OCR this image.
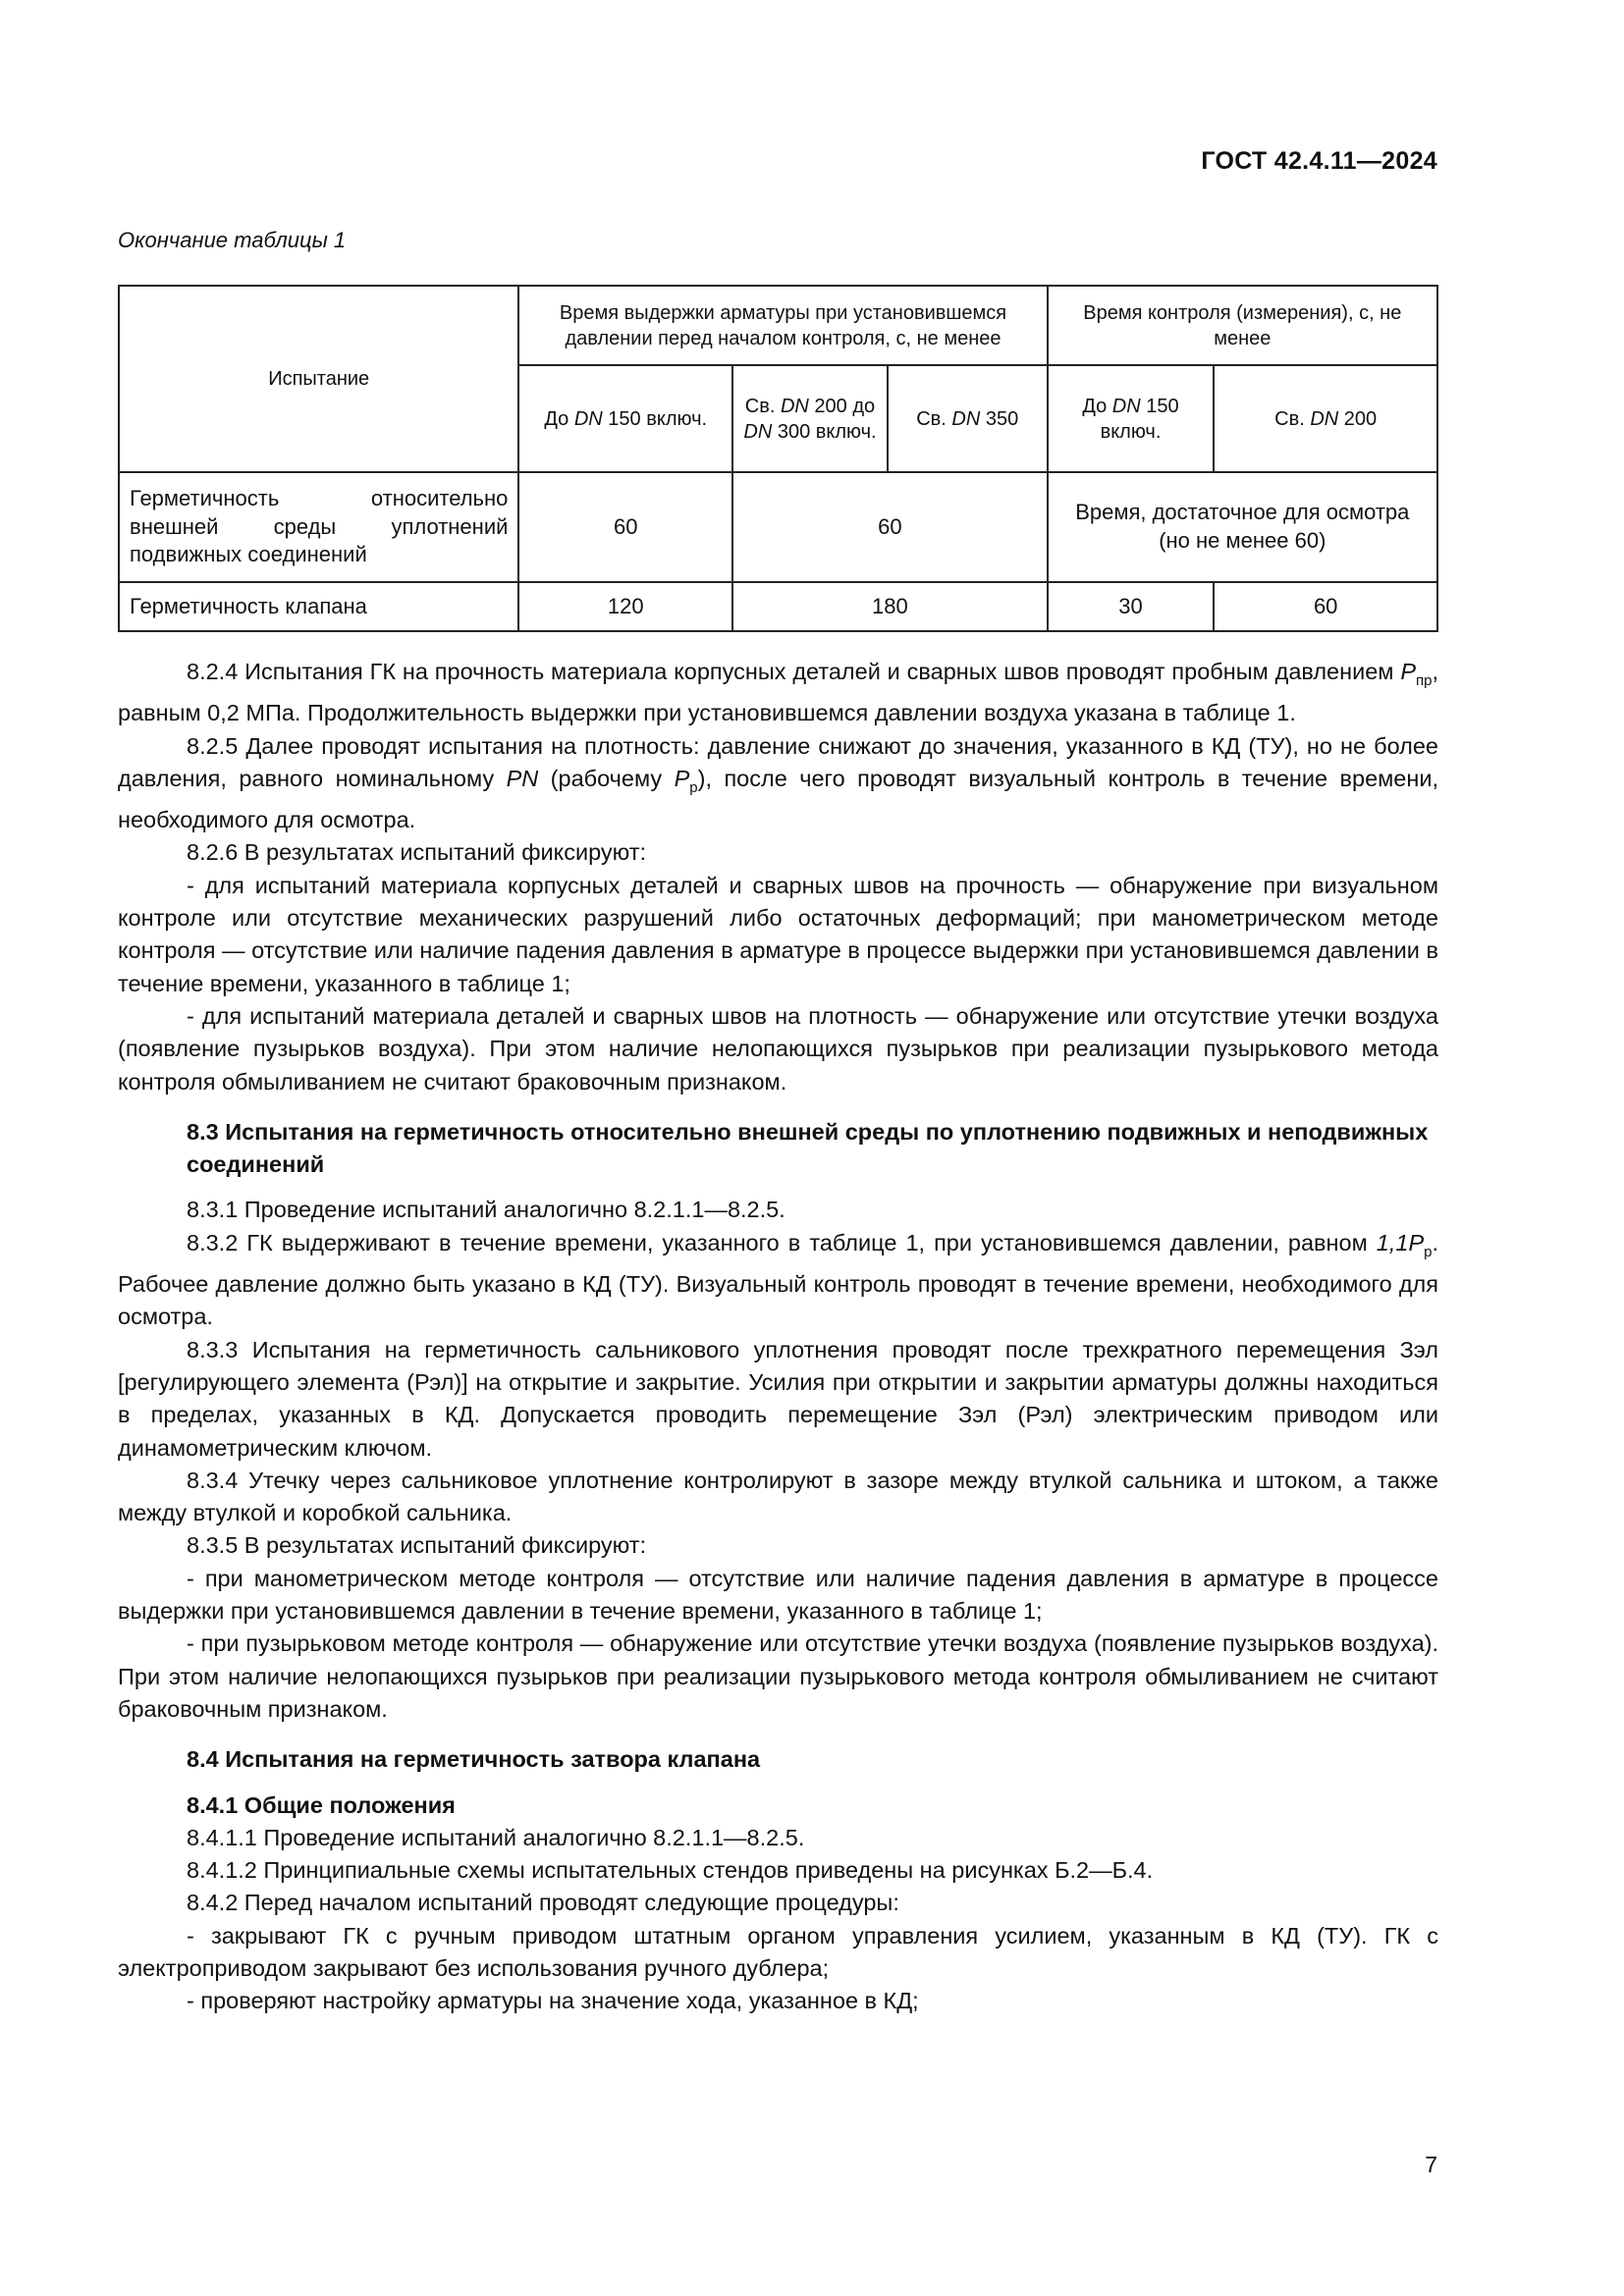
ГОСТ 42.4.11—2024
Окончание таблицы 1
Испытание	Время выдержки арматуры при установившемся давлении перед началом контроля, с, не менее			Время контроля (измерения), с, не менее	
	До DN 150 включ.	Св. DN 200 до DN 300 включ.	Св. DN 350	До DN 150 включ.	Св. DN 200
Герметичность относительно внешней среды уплотнений подвижных соединений	60	60		Время, достаточное для осмотра (но не менее 60)	
Герметичность клапана	120	180		30	60

8.2.4 Испытания ГК на прочность материала корпусных деталей и сварных швов проводят пробным давлением $P_{пр}$, равным 0,2 МПа. Продолжительность выдержки при установившемся давлении воздуха указана в таблице 1.

8.2.5 Далее проводят испытания на плотность: давление снижают до значения, указанного в КД (ТУ), но не более давления, равного номинальному PN (рабочему $P_р$), после чего проводят визуальный контроль в течение времени, необходимого для осмотра.

8.2.6 В результатах испытаний фиксируют:

- для испытаний материала корпусных деталей и сварных швов на прочность — обнаружение при визуальном контроле или отсутствие механических разрушений либо остаточных деформаций; при манометрическом методе контроля — отсутствие или наличие падения давления в арматуре в процессе выдержки при установившемся давлении в течение времени, указанного в таблице 1;

- для испытаний материала деталей и сварных швов на плотность — обнаружение или отсутствие утечки воздуха (появление пузырьков воздуха). При этом наличие нелопающихся пузырьков при реализации пузырькового метода контроля обмыливанием не считают браковочным признаком.

8.3 Испытания на герметичность относительно внешней среды по уплотнению подвижных и неподвижных соединений

8.3.1 Проведение испытаний аналогично 8.2.1.1—8.2.5.

8.3.2 ГК выдерживают в течение времени, указанного в таблице 1, при установившемся давлении, равном $1,1P_р$. Рабочее давление должно быть указано в КД (ТУ). Визуальный контроль проводят в течение времени, необходимого для осмотра.

8.3.3 Испытания на герметичность сальникового уплотнения проводят после трехкратного перемещения Зэл [регулирующего элемента (Рэл)] на открытие и закрытие. Усилия при открытии и закрытии арматуры должны находиться в пределах, указанных в КД. Допускается проводить перемещение Зэл (Рэл) электрическим приводом или динамометрическим ключом.

8.3.4 Утечку через сальниковое уплотнение контролируют в зазоре между втулкой сальника и штоком, а также между втулкой и коробкой сальника.

8.3.5 В результатах испытаний фиксируют:

- при манометрическом методе контроля — отсутствие или наличие падения давления в арматуре в процессе выдержки при установившемся давлении в течение времени, указанного в таблице 1;

- при пузырьковом методе контроля — обнаружение или отсутствие утечки воздуха (появление пузырьков воздуха). При этом наличие нелопающихся пузырьков при реализации пузырькового метода контроля обмыливанием не считают браковочным признаком.

8.4 Испытания на герметичность затвора клапана

8.4.1 Общие положения

8.4.1.1 Проведение испытаний аналогично 8.2.1.1—8.2.5.

8.4.1.2 Принципиальные схемы испытательных стендов приведены на рисунках Б.2—Б.4.

8.4.2 Перед началом испытаний проводят следующие процедуры:

- закрывают ГК с ручным приводом штатным органом управления усилием, указанным в КД (ТУ). ГК с электроприводом закрывают без использования ручного дублера;

- проверяют настройку арматуры на значение хода, указанное в КД;

7
